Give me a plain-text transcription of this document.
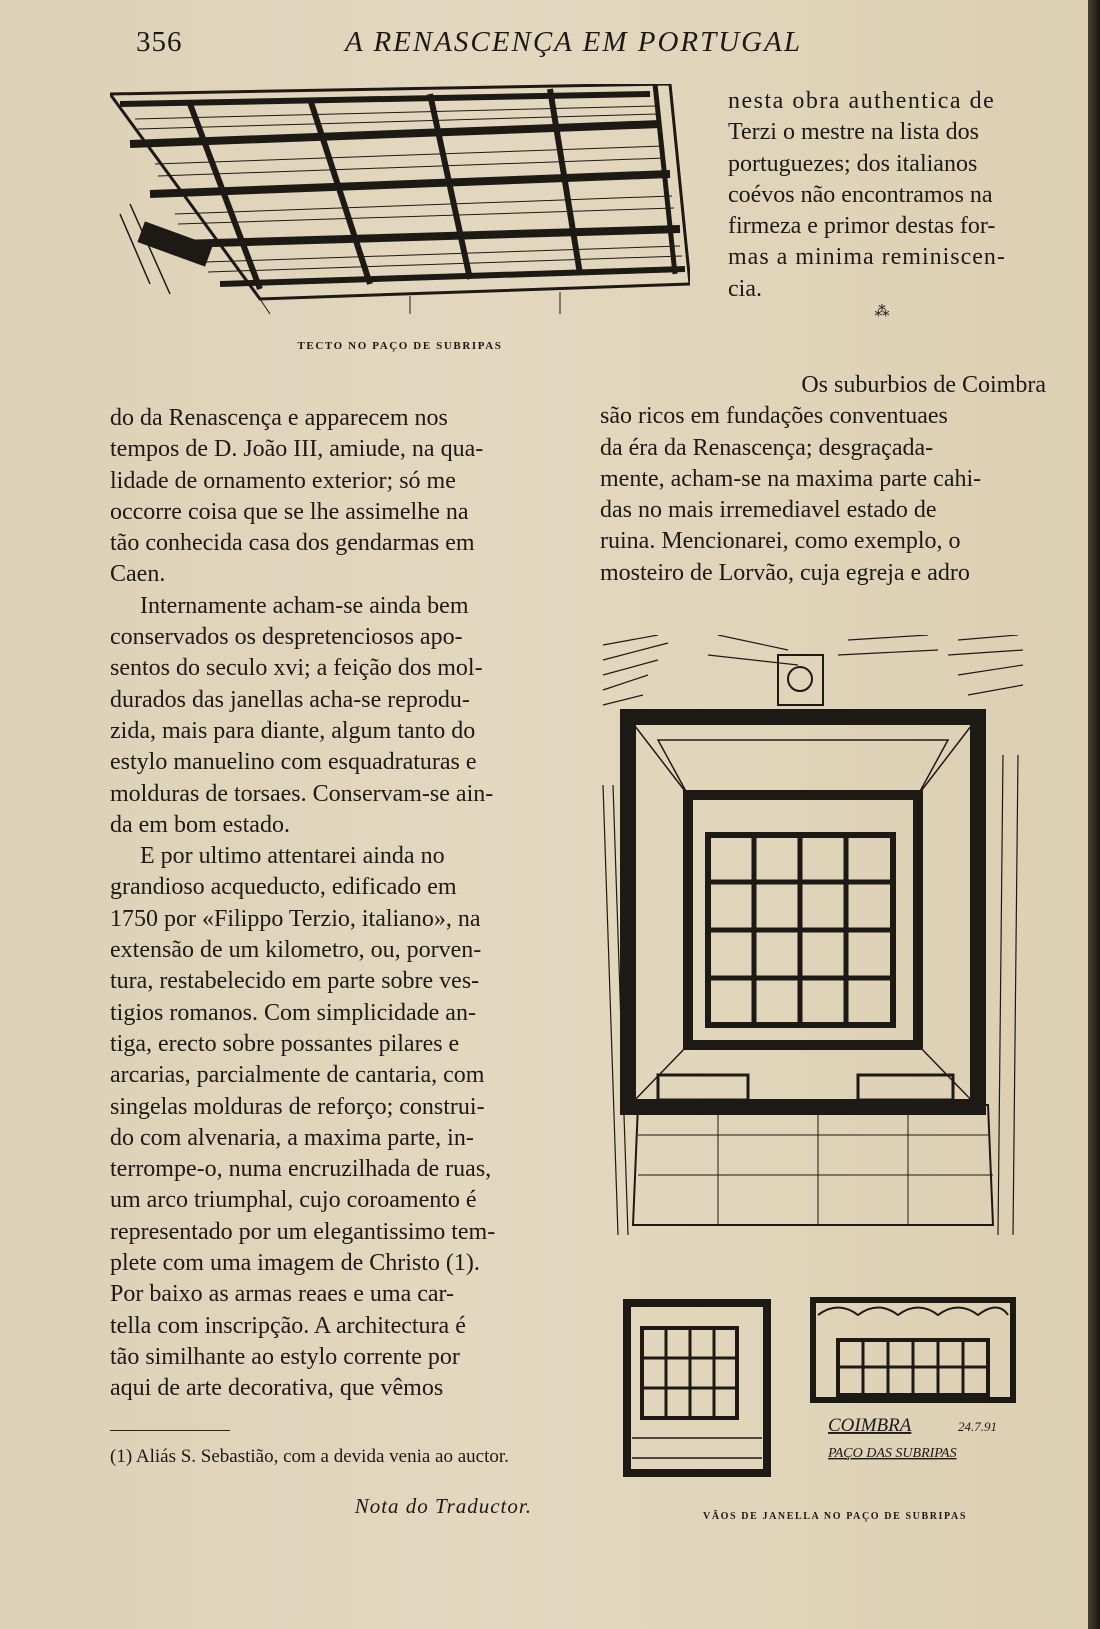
356	A RENASCENÇA EM PORTUGAL
TECTO NO PAÇO DE SUBRIPAS

nesta obra authentica de

Terzi o mestre na lista dos

portuguezes; dos italianos

coévos não encontramos na

firmeza e primor destas for-

mas a minima reminiscen-

cia.

⁂

Os suburbios de Coimbra

são ricos em fundações conventuaes

da éra da Renascença; desgraçada-

mente, acham-se na maxima parte cahi-

das no mais irremediavel estado de

ruina. Mencionarei, como exemplo, o

mosteiro de Lorvão, cuja egreja e adro

COIMBRA	24.7.91
PAÇO DAS SUBRIPAS
VÃOS DE JANELLA NO PAÇO DE SUBRIPAS

do da Renascença e apparecem nos

tempos de D. João III, amiude, na qua-

lidade de ornamento exterior; só me

occorre coisa que se lhe assimelhe na

tão conhecida casa dos gendarmas em

Caen.

Internamente acham-se ainda bem

conservados os despretenciosos apo-

sentos do seculo xvi; a feição dos mol-

durados das janellas acha-se reprodu-

zida, mais para diante, algum tanto do

estylo manuelino com esquadraturas e

molduras de torsaes. Conservam-se ain-

da em bom estado.

E por ultimo attentarei ainda no

grandioso acqueducto, edificado em

1750 por «Filippo Terzio, italiano», na

extensão de um kilometro, ou, porven-

tura, restabelecido em parte sobre ves-

tigios romanos. Com simplicidade an-

tiga, erecto sobre possantes pilares e

arcarias, parcialmente de cantaria, com

singelas molduras de reforço; construi-

do com alvenaria, a maxima parte, in-

terrompe-o, numa encruzilhada de ruas,

um arco triumphal, cujo coroamento é

representado por um elegantissimo tem-

plete com uma imagem de Christo (1).

Por baixo as armas reaes e uma car-

tella com inscripção. A architectura é

tão similhante ao estylo corrente por

aqui de arte decorativa, que vêmos

(1) Aliás S. Sebastião, com a devida venia ao auctor.
Nota do Traductor.
